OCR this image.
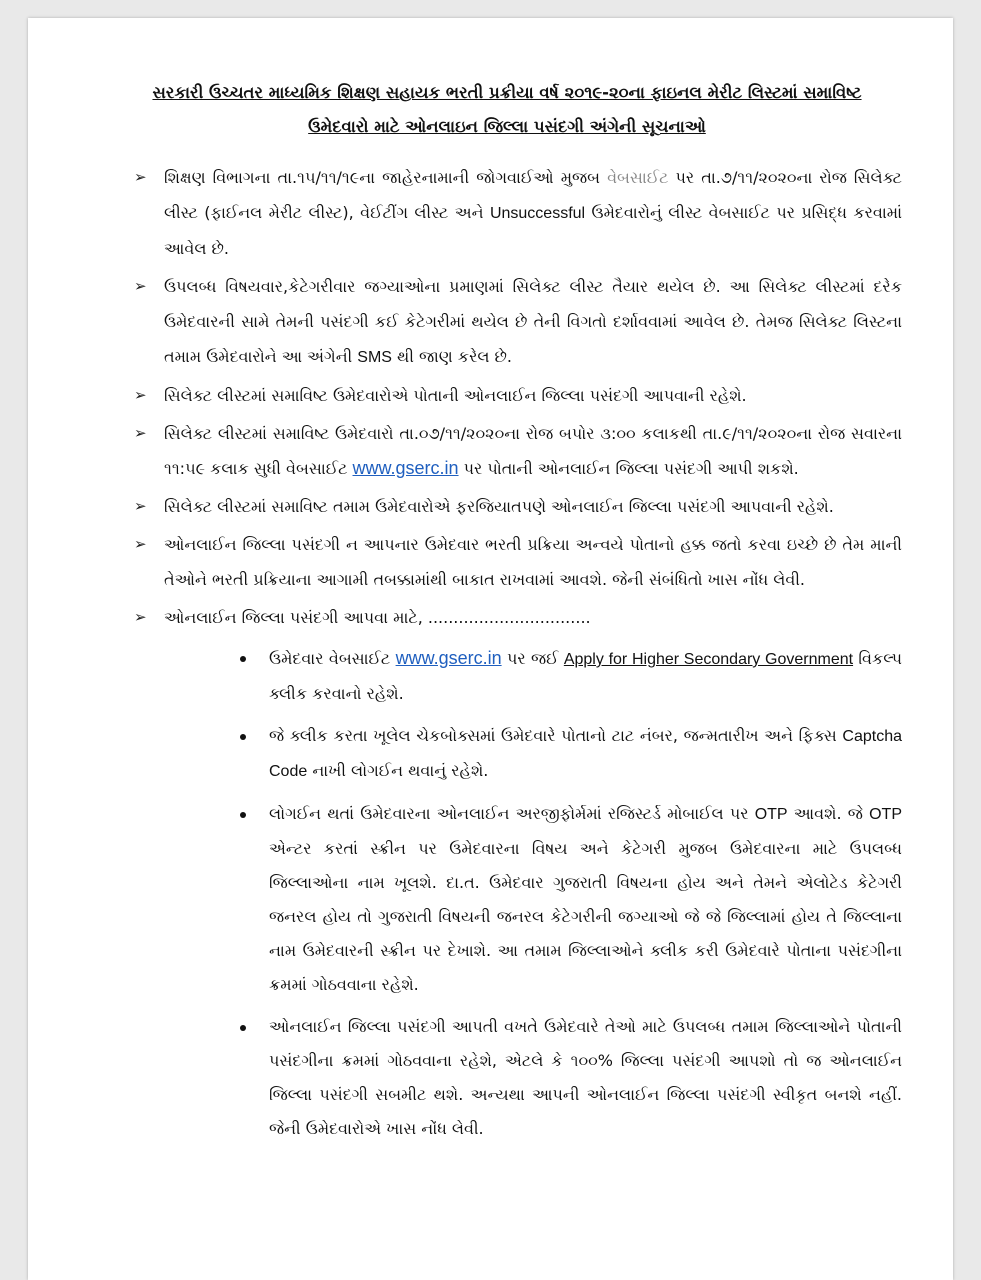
સરકારી ઉચ્ચતર માધ્યમિક શિક્ષણ સહાયક ભરતી પ્રક્રીયા વર્ષ ૨૦૧૯-૨૦ના ફાઇનલ મેરીટ લિસ્ટમાં સમાવિષ્ટ
ઉમેદવારો માટે ઓનલાઇન જિલ્લા પસંદગી અંગેની સૂચનાઓ
➢ શિક્ષણ વિભાગના તા.૧૫/૧૧/૧૯ના જાહેરનામાની જોગવાઈઓ મુજબ વેબસાઈટ પર તા.૭/૧૧/૨૦૨૦ના રોજ સિલેક્ટ લીસ્ટ (ફાઈનલ મેરીટ લીસ્ટ), વેઈટીંગ લીસ્ટ અને Unsuccessful ઉમેદવારોનું લીસ્ટ વેબસાઈટ પર પ્રસિદ્ધ કરવામાં આવેલ છે.
➢ ઉપલબ્ધ વિષયવાર,કેટેગરીવાર જગ્યાઓના પ્રમાણમાં સિલેક્ટ લીસ્ટ તૈયાર થયેલ છે. આ સિલેક્ટ લીસ્ટમાં દરેક ઉમેદવારની સામે તેમની પસંદગી કઈ કેટેગરીમાં થયેલ છે તેની વિગતો દર્શાવવામાં આવેલ છે. તેમજ સિલેક્ટ લિસ્ટના તમામ ઉમેદવારોને આ અંગેની SMS થી જાણ કરેલ છે.
➢ સિલેક્ટ લીસ્ટમાં સમાવિષ્ટ ઉમેદવારોએ પોતાની ઓનલાઈન જિલ્લા પસંદગી આપવાની રહેશે.
➢ સિલેક્ટ લીસ્ટમાં સમાવિષ્ટ ઉમેદવારો તા.૦૭/૧૧/૨૦૨૦ના રોજ બપોર ૩:૦૦ કલાકથી તા.૯/૧૧/૨૦૨૦ના રોજ સવારના ૧૧:૫૯ કલાક સુધી વેબસાઈટ www.gserc.in પર પોતાની ઓનલાઈન જિલ્લા પસંદગી આપી શકશે.
➢ સિલેક્ટ લીસ્ટમાં સમાવિષ્ટ તમામ ઉમેદવારોએ ફરજિયાતપણે ઓનલાઈન જિલ્લા પસંદગી આપવાની રહેશે.
➢ ઓનલાઈન જિલ્લા પસંદગી ન આપનાર ઉમેદવાર ભરતી પ્રક્રિયા અન્વયે પોતાનો હક્ક જતો કરવા ઇચ્છે છે તેમ માની તેઓને ભરતી પ્રક્રિયાના આગામી તબક્કામાંથી બાકાત રાખવામાં આવશે. જેની સંબંધિતો ખાસ નોંધ લેવી.
➢ ઓનલાઈન જિલ્લા પસંદગી આપવા માટે, ................................
ઉમેદવાર વેબસાઈટ www.gserc.in પર જઈ Apply for Higher Secondary Government વિકલ્પ ક્લીક કરવાનો રહેશે.
જે ક્લીક કરતા ખૂલેલ ચેકબોક્સમાં ઉમેદવારે પોતાનો ટાટ નંબર, જન્મતારીખ અને ફિક્સ Captcha Code નાખી લોગઈન થવાનું રહેશે.
લોગઈન થતાં ઉમેદવારના ઓનલાઈન અરજીફોર્મમાં રજિસ્ટર્ડ મોબાઈલ પર OTP આવશે. જે OTP એન્ટર કરતાં સ્ક્રીન પર ઉમેદવારના વિષય અને કેટેગરી મુજબ ઉમેદવારના માટે ઉપલબ્ધ જિલ્લાઓના નામ ખૂલશે. દા.ત. ઉમેદવાર ગુજરાતી વિષયના હોય અને તેમને એલોટેડ કેટેગરી જનરલ હોય તો ગુજરાતી વિષયની જનરલ કેટેગરીની જગ્યાઓ જે જે જિલ્લામાં હોય તે જિલ્લાના નામ ઉમેદવારની સ્ક્રીન પર દેખાશે. આ તમામ જિલ્લાઓને ક્લીક કરી ઉમેદવારે પોતાના પસંદગીના ક્રમમાં ગોઠવવાના રહેશે.
ઓનલાઈન જિલ્લા પસંદગી આપતી વખતે ઉમેદવારે તેઓ માટે ઉપલબ્ધ તમામ જિલ્લાઓને પોતાની પસંદગીના ક્રમમાં ગોઠવવાના રહેશે, એટલે કે ૧૦૦% જિલ્લા પસંદગી આપશો તો જ ઓનલાઈન જિલ્લા પસંદગી સબમીટ થશે. અન્યથા આપની ઓનલાઈન જિલ્લા પસંદગી સ્વીકૃત બનશે નહીં. જેની ઉમેદવારોએ ખાસ નોંધ લેવી.
